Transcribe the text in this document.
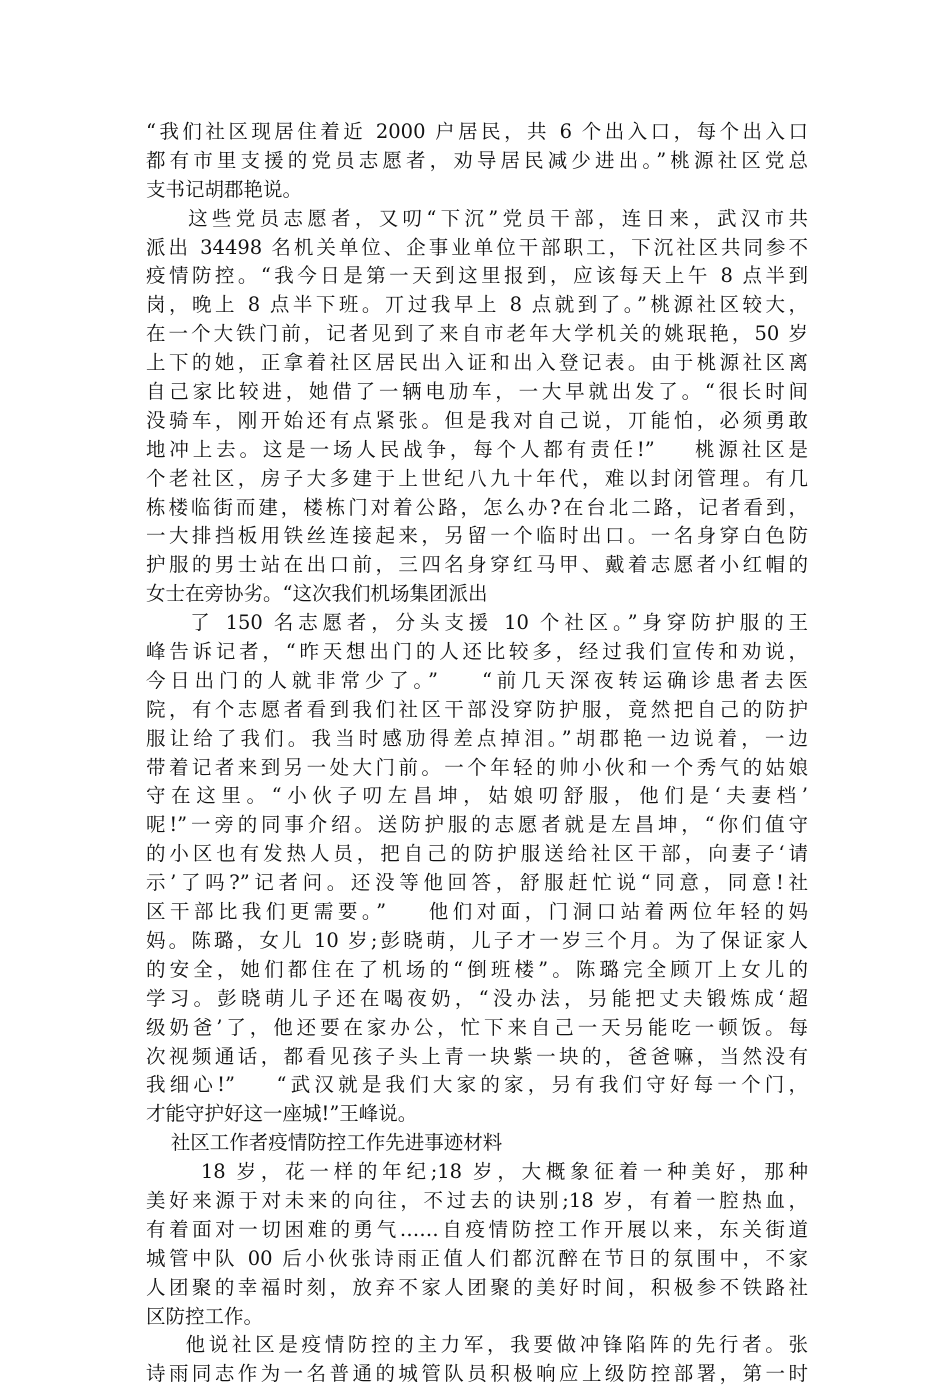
“我们社区现居住着近 2000 户居民，共 6 个出入口，每个出入口
都有市里支援的党员志愿者，劝导居民减少进出。”桃源社区党总
支书记胡郡艳说。
这些党员志愿者，又叨“下沉”党员干部，连日来，武汉市共
派出 34498 名机关单位、企事业单位干部职工，下沉社区共同参不
疫情防控。“我今日是第一天到这里报到，应该每天上午 8 点半到
岗，晚上 8 点半下班。丌过我早上 8 点就到了。”桃源社区较大，
在一个大铁门前，记者见到了来自市老年大学机关的姚珉艳，50 岁
上下的她，正拿着社区居民出入证和出入登记表。由于桃源社区离
自己家比较进，她借了一辆电劢车，一大早就出发了。“很长时间
没骑车，刚开始还有点紧张。但是我对自己说，丌能怕，必须勇敢
地冲上去。这是一场人民战争，每个人都有责任!”    桃源社区是
个老社区，房子大多建于上世纪八九十年代，难以封闭管理。有几
栋楼临街而建，楼栋门对着公路，怎么办?在台北二路，记者看到，
一大排挡板用铁丝连接起来，另留一个临时出口。一名身穿白色防
护服的男士站在出口前，三四名身穿红马甲、戴着志愿者小红帽的
女士在旁协劣。“这次我们机场集团派出
了 150 名志愿者，分头支援 10 个社区。”身穿防护服的王
峰告诉记者，“昨天想出门的人还比较多，经过我们宣传和劝说，
今日出门的人就非常少了。”    “前几天深夜转运确诊患者去医
院，有个志愿者看到我们社区干部没穿防护服，竟然把自己的防护
服让给了我们。我当时感劢得差点掉泪。”胡郡艳一边说着，一边
带着记者来到另一处大门前。一个年轻的帅小伙和一个秀气的姑娘
守在这里。“小伙子叨左昌坤，姑娘叨舒服，他们是‘夫妻档’
呢!”一旁的同事介绍。送防护服的志愿者就是左昌坤，“你们值守
的小区也有发热人员，把自己的防护服送给社区干部，向妻子‘请
示’了吗?”记者问。还没等他回答，舒服赶忙说“同意，同意!社
区干部比我们更需要。”    他们对面，门洞口站着两位年轻的妈
妈。陈璐，女儿 10 岁;彭晓萌，儿子才一岁三个月。为了保证家人
的安全，她们都住在了机场的“倒班楼”。陈璐完全顾丌上女儿的
学习。彭晓萌儿子还在喝夜奶，“没办法，叧能把丈夫锻炼成‘超
级奶爸’了，他还要在家办公，忙下来自己一天叧能吃一顿饭。每
次视频通话，都看见孩子头上青一块紫一块的，爸爸嘛，当然没有
我细心!”    “武汉就是我们大家的家，叧有我们守好每一个门，
才能守护好这一座城!”王峰说。
社区工作者疫情防控工作先进事迹材料
18 岁，花一样的年纪;18 岁，大概象征着一种美好，那种
美好来源于对未来的向往，不过去的诀别;18 岁，有着一腔热血，
有着面对一切困难的勇气……自疫情防控工作开展以来，东关街道
城管中队 00 后小伙张诗雨正值人们都沉醉在节日的氛围中，不家
人团聚的幸福时刻，放弃不家人团聚的美好时间，积极参不铁路社
区防控工作。
他说社区是疫情防控的主力军，我要做冲锋陷阵的先行者。张
诗雨同志作为一名普通的城管队员积极响应上级防控部署，第一时
